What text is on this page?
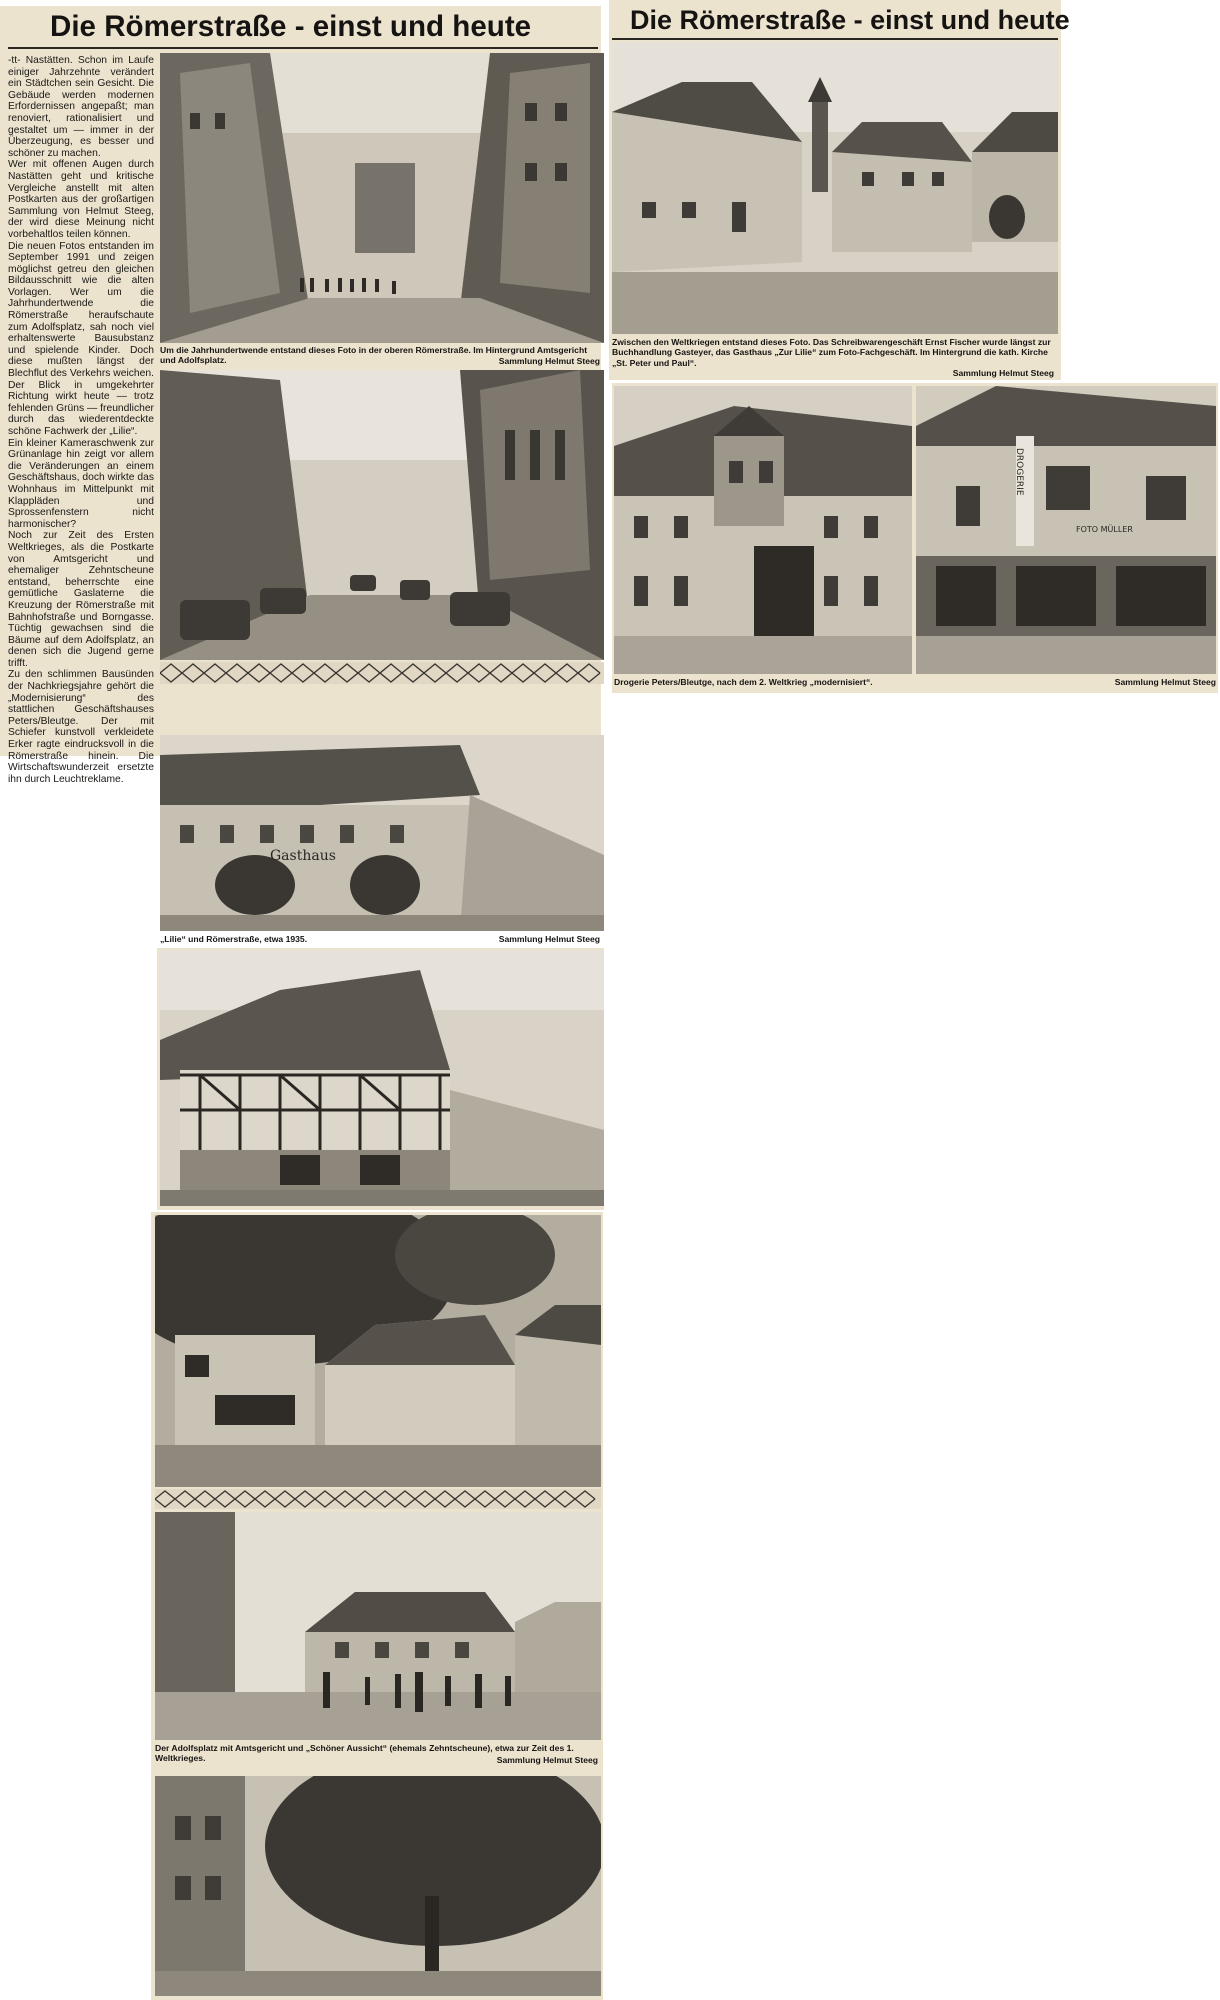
Die Römerstraße - einst und heute

-tt- Nastätten. Schon im Laufe einiger Jahrzehnte verändert ein Städtchen sein Gesicht. Die Gebäude werden modernen Erfordernissen angepaßt; man renoviert, rationalisiert und gestaltet um — immer in der Überzeugung, es besser und schöner zu machen.

Wer mit offenen Augen durch Nastätten geht und kritische Vergleiche anstellt mit alten Postkarten aus der großartigen Sammlung von Helmut Steeg, der wird diese Meinung nicht vorbehaltlos teilen können.

Die neuen Fotos entstanden im September 1991 und zeigen möglichst getreu den gleichen Bildausschnitt wie die alten Vorlagen. Wer um die Jahrhundertwende die Römerstraße heraufschaute zum Adolfsplatz, sah noch viel erhaltenswerte Bausubstanz und spielende Kinder. Doch diese mußten längst der Blechflut des Verkehrs weichen.

Der Blick in umgekehrter Richtung wirkt heute — trotz fehlenden Grüns — freundlicher durch das wiederentdeckte schöne Fachwerk der „Lilie“.

Ein kleiner Kameraschwenk zur Grünanlage hin zeigt vor allem die Veränderungen an einem Geschäftshaus, doch wirkte das Wohnhaus im Mittelpunkt mit Klappläden und Sprossenfenstern nicht harmonischer?

Noch zur Zeit des Ersten Weltkrieges, als die Postkarte von Amtsgericht und ehemaliger Zehntscheune entstand, beherrschte eine gemütliche Gaslaterne die Kreuzung der Römerstraße mit Bahnhofstraße und Borngasse. Tüchtig gewachsen sind die Bäume auf dem Adolfsplatz, an denen sich die Jugend gerne trifft.

Zu den schlimmen Bausünden der Nachkriegsjahre gehört die „Modernisierung“ des stattlichen Geschäftshauses Peters/Bleutge. Der mit Schiefer kunstvoll verkleidete Erker ragte eindrucksvoll in die Römerstraße hinein. Die Wirtschaftswunderzeit ersetzte ihn durch Leuchtreklame.

Um die Jahrhundertwende entstand dieses Foto in der oberen Römerstraße. Im Hintergrund Amtsgericht und Adolfsplatz.	Sammlung Helmut Steeg
Gasthaus
„Lilie“ und Römerstraße, etwa 1935.	Sammlung Helmut Steeg
Die Römerstraße - einst und heute
Zwischen den Weltkriegen entstand dieses Foto. Das Schreibwarengeschäft Ernst Fischer wurde längst zur Buchhandlung Gasteyer, das Gasthaus „Zur Lilie“ zum Foto-Fachgeschäft. Im Hintergrund die kath. Kirche „St. Peter und Paul“.
Sammlung Helmut Steeg
DROGERIE
FOTO MÜLLER
Drogerie Peters/Bleutge, nach dem 2. Weltkrieg „modernisiert“.	Sammlung Helmut Steeg
Der Adolfsplatz mit Amtsgericht und „Schöner Aussicht“ (ehemals Zehntscheune), etwa zur Zeit des 1. Weltkrieges.	Sammlung Helmut Steeg
